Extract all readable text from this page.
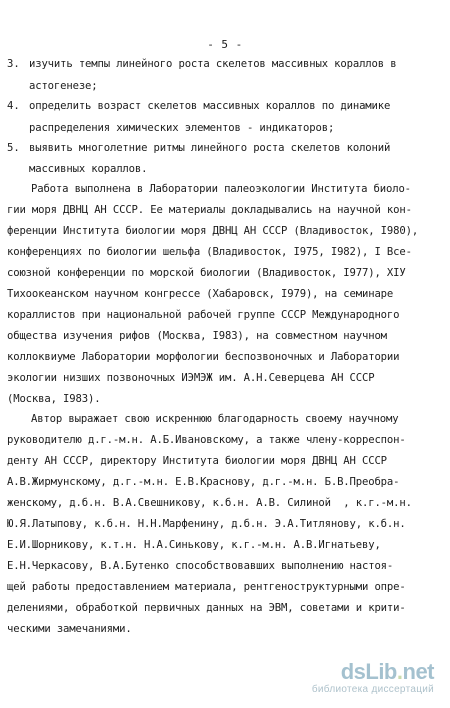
- 5 -
3. изучить темпы линейного роста скелетов массивных кораллов в
астогенезе;
4. определить возраст скелетов массивных кораллов по динамике
распределения химических элементов - индикаторов;
5. выявить многолетние ритмы линейного роста скелетов колоний
массивных кораллов.
Работа выполнена в Лаборатории палеоэкологии Института биоло-
гии моря ДВНЦ АН СССР. Ее материалы докладывались на научной кон-
ференции Института биологии моря ДВНЦ АН СССР (Владивосток, I980),
конференциях по биологии шельфа (Владивосток, I975, I982), I Все-
союзной конференции по морской биологии (Владивосток, I977), XIУ
Тихоокеанском научном конгрессе (Хабаровск, I979), на семинаре
кораллистов при национальной рабочей группе СССР Международного
общества изучения рифов (Москва, I983), на совместном научном
коллоквиуме Лаборатории морфологии беспозвоночных и Лаборатории
экологии низших позвоночных ИЭМЭЖ им. А.Н.Северцева АН СССР
(Москва, I983).
Автор выражает свою искреннюю благодарность своему научному
руководителю д.г.-м.н. А.Б.Ивановскому, а также члену-корреспон-
денту АН СССР, директору Института биологии моря ДВНЦ АН СССР
А.В.Жирмунскому, д.г.-м.н. Е.В.Краснову, д.г.-м.н. Б.В.Преобра-
женскому, д.б.н. В.А.Свешникову, к.б.н. А.В. Силиной  , к.г.-м.н.
Ю.Я.Латыпову, к.б.н. Н.Н.Марфенину, д.б.н. Э.А.Титлянову, к.б.н.
Е.И.Шорникову, к.т.н. Н.А.Синькову, к.г.-м.н. А.В.Игнатьеву,
Е.Н.Черкасову, В.А.Бутенко способствовавших выполнению настоя-
щей работы предоставлением материала, рентгеноструктурными опре-
делениями, обработкой первичных данных на ЭВМ, советами и крити-
ческими замечаниями.
dsLib.net
библиотека диссертаций
